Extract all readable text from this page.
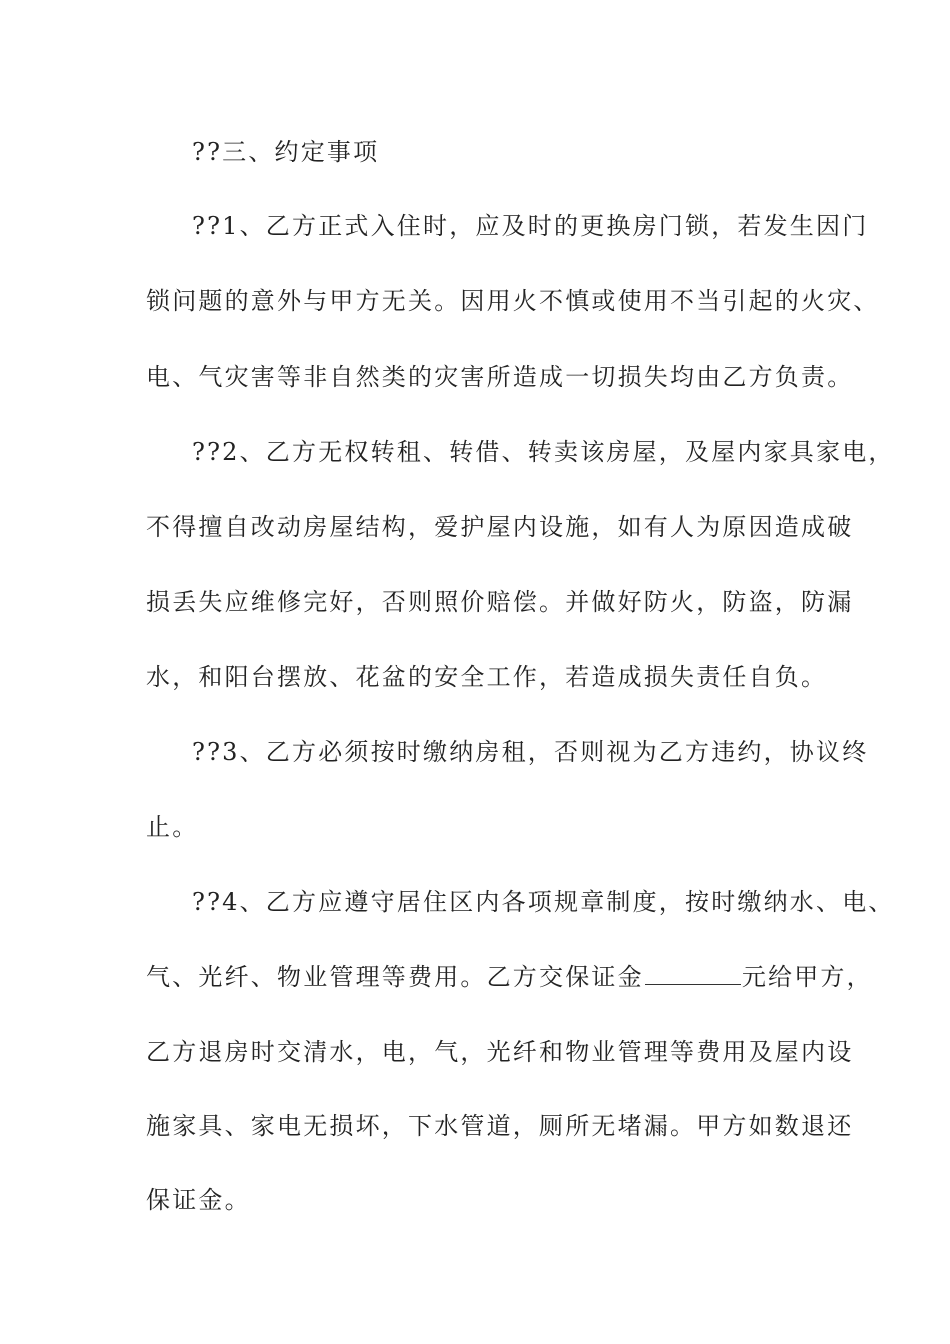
??三、约定事项
??1、乙方正式入住时，应及时的更换房门锁，若发生因门
锁问题的意外与甲方无关。因用火不慎或使用不当引起的火灾、
电、气灾害等非自然类的灾害所造成一切损失均由乙方负责。
??2、乙方无权转租、转借、转卖该房屋，及屋内家具家电，
不得擅自改动房屋结构，爱护屋内设施，如有人为原因造成破
损丢失应维修完好，否则照价赔偿。并做好防火，防盗，防漏
水，和阳台摆放、花盆的安全工作，若造成损失责任自负。
??3、乙方必须按时缴纳房租，否则视为乙方违约，协议终
止。
??4、乙方应遵守居住区内各项规章制度，按时缴纳水、电、
气、光纤、物业管理等费用。乙方交保证金	元给甲方，
乙方退房时交清水，电，气，光纤和物业管理等费用及屋内设
施家具、家电无损坏，下水管道，厕所无堵漏。甲方如数退还
保证金。
